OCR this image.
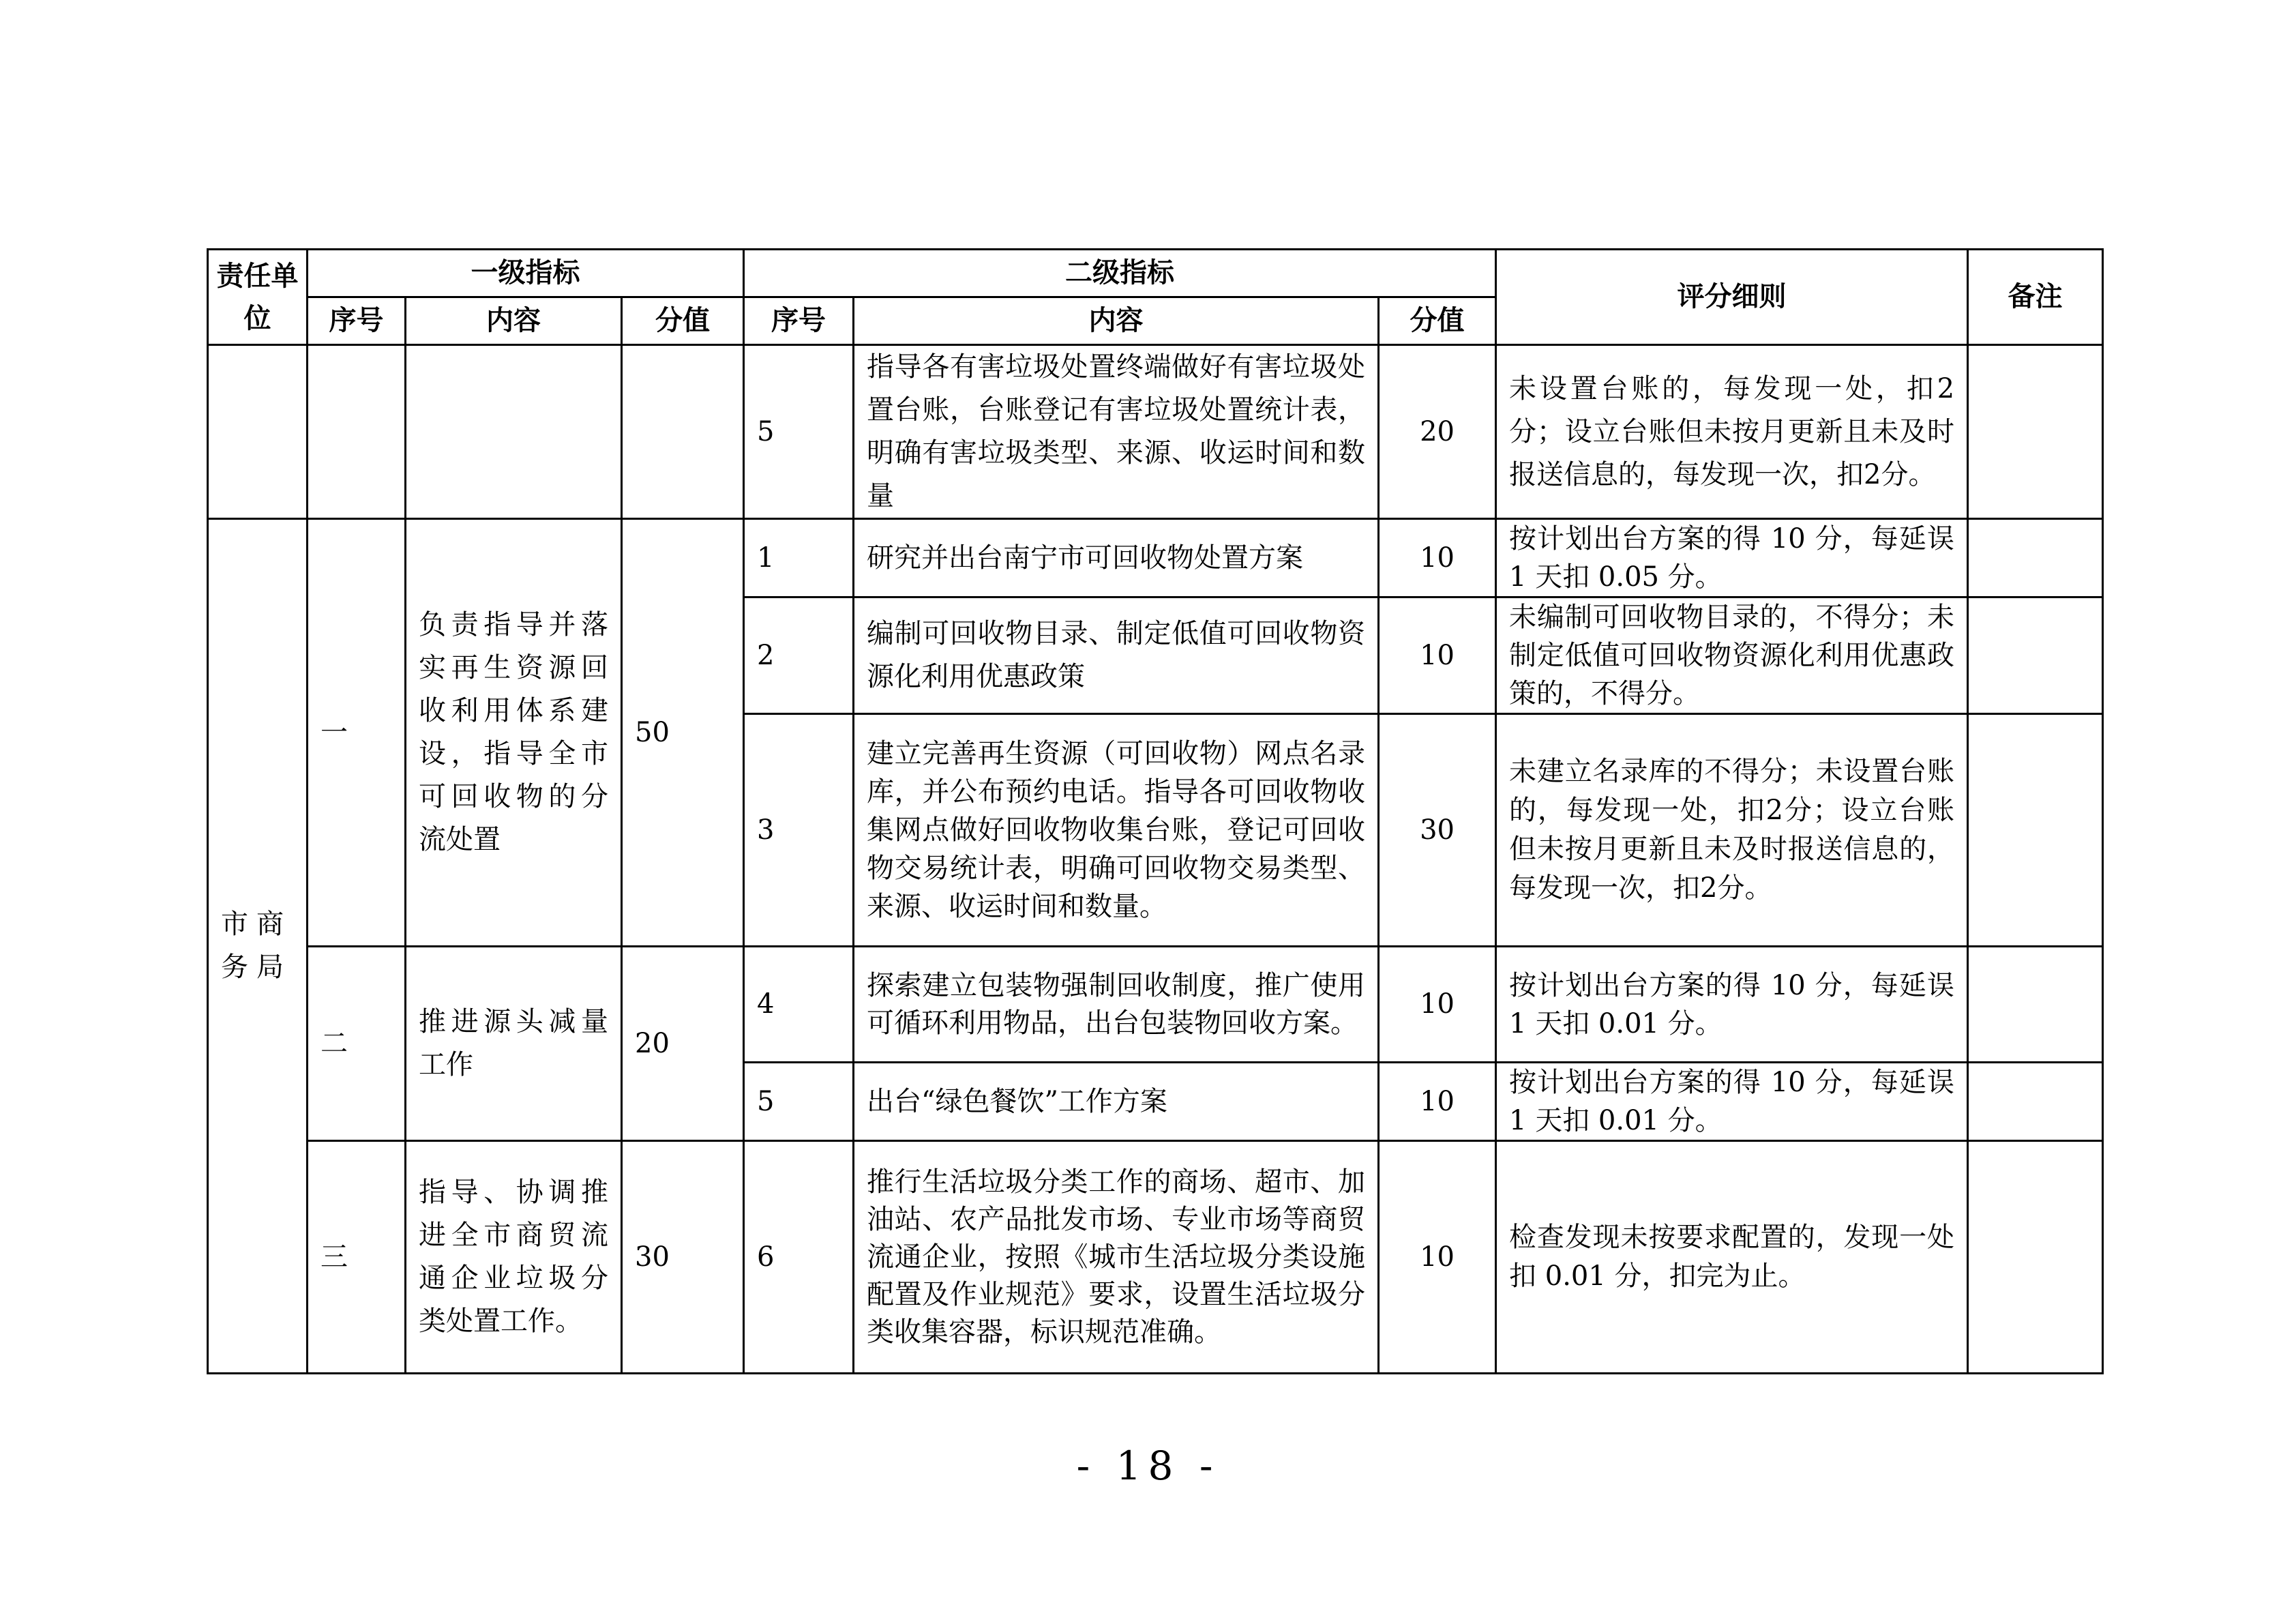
责任单位	一级指标			二级指标			评分细则	备注
	序号	内容	分值	序号	内容	分值		
				5	指导各有害垃圾处置终端做好有害垃圾处置台账，台账登记有害垃圾处置统计表，明确有害垃圾类型、来源、收运时间和数量	20	未设置台账的，每发现一处，扣2分；设立台账但未按月更新且未及时报送信息的，每发现一次，扣2分。	
市商务局	一	负责指导并落实再生资源回收利用体系建设，指导全市可回收物的分流处置	50	1	研究并出台南宁市可回收物处置方案	10	按计划出台方案的得 10 分，每延误 1 天扣 0.05 分。	
				2	编制可回收物目录、制定低值可回收物资源化利用优惠政策	10	未编制可回收物目录的，不得分；未制定低值可回收物资源化利用优惠政策的，不得分。	
				3	建立完善再生资源（可回收物）网点名录库，并公布预约电话。指导各可回收物收集网点做好回收物收集台账，登记可回收物交易统计表，明确可回收物交易类型、来源、收运时间和数量。	30	未建立名录库的不得分；未设置台账的，每发现一处，扣2分；设立台账但未按月更新且未及时报送信息的，每发现一次，扣2分。	
	二	推进源头减量工作	20	4	探索建立包装物强制回收制度，推广使用可循环利用物品，出台包装物回收方案。	10	按计划出台方案的得 10 分，每延误 1 天扣 0.01 分。	
				5	出台“绿色餐饮”工作方案	10	按计划出台方案的得 10 分，每延误 1 天扣 0.01 分。	
	三	指导、协调推进全市商贸流通企业垃圾分类处置工作。	30	6	推行生活垃圾分类工作的商场、超市、加油站、农产品批发市场、专业市场等商贸流通企业，按照《城市生活垃圾分类设施配置及作业规范》要求，设置生活垃圾分类收集容器，标识规范准确。	10	检查发现未按要求配置的，发现一处扣 0.01 分，扣完为止。	
- 18 -
